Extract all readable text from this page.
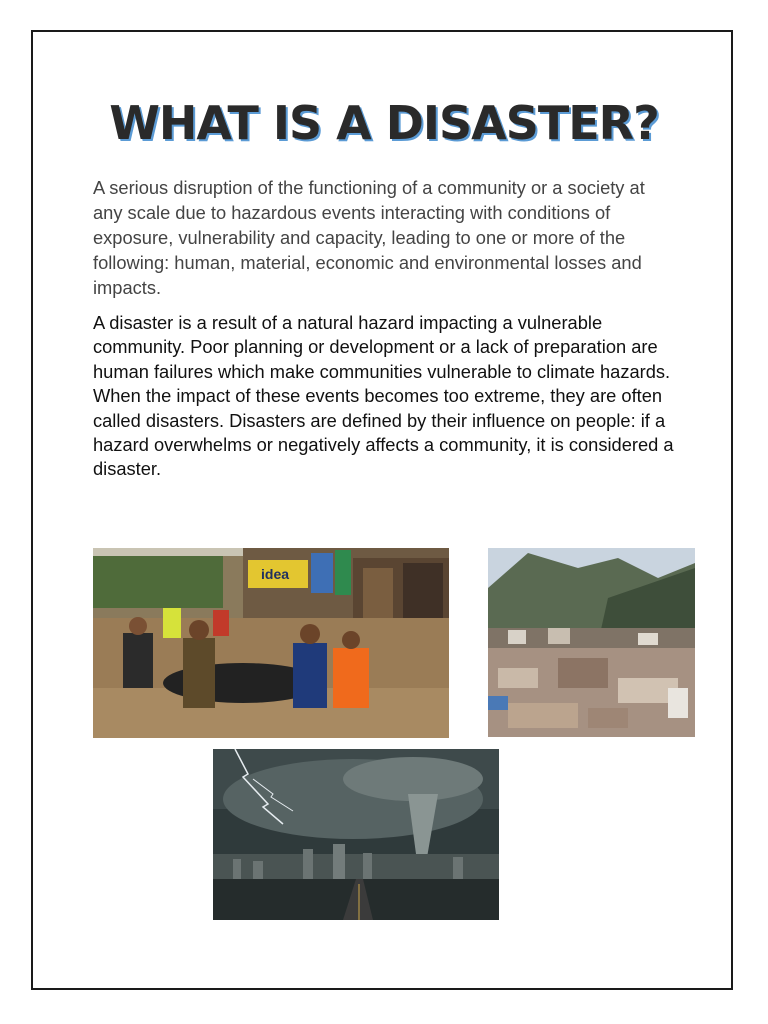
WHAT IS A DISASTER?

A serious disruption of the functioning of a community or a society at any scale due to hazardous events interacting with conditions of exposure, vulnerability and capacity, leading to one or more of the following: human, material, economic and environmental losses and impacts.

A disaster is a result of a natural hazard impacting a vulnerable community. Poor planning or development or a lack of preparation are human failures which make communities vulnerable to climate hazards. When the impact of these events becomes too extreme, they are often called disasters. Disasters are defined by their influence on people: if a hazard overwhelms or negatively affects a community, it is considered a disaster.

idea
